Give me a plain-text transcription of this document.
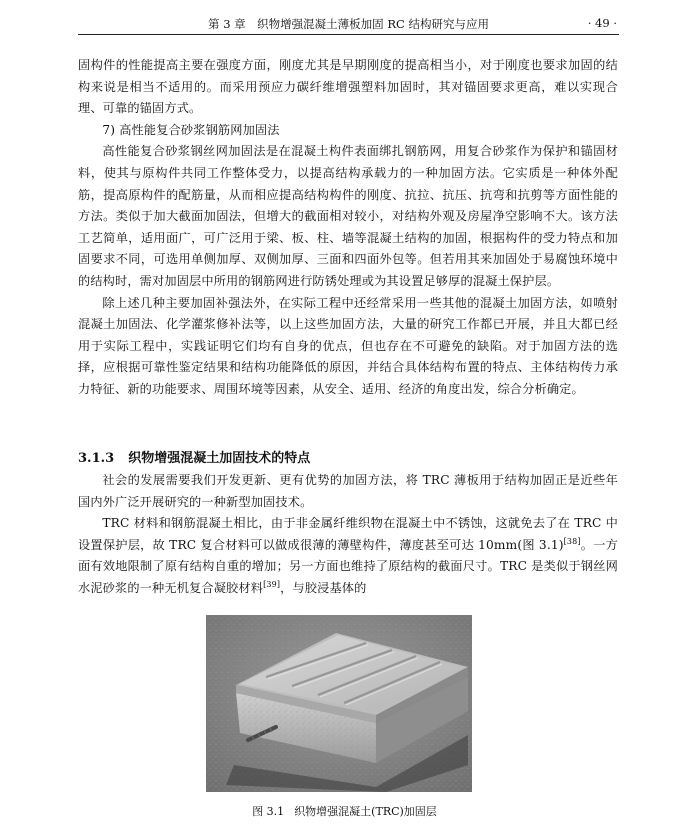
第 3 章　织物增强混凝土薄板加固 RC 结构研究与应用	· 49 ·

固构件的性能提高主要在强度方面，刚度尤其是早期刚度的提高相当小，对于刚度也要求加固的结构来说是相当不适用的。而采用预应力碳纤维增强塑料加固时，其对锚固要求更高，难以实现合理、可靠的锚固方式。

7) 高性能复合砂浆钢筋网加固法

高性能复合砂浆钢丝网加固法是在混凝土构件表面绑扎钢筋网，用复合砂浆作为保护和锚固材料，使其与原构件共同工作整体受力，以提高结构承载力的一种加固方法。它实质是一种体外配筋，提高原构件的配筋量，从而相应提高结构构件的刚度、抗拉、抗压、抗弯和抗剪等方面性能的方法。类似于加大截面加固法，但增大的截面相对较小，对结构外观及房屋净空影响不大。该方法工艺简单，适用面广，可广泛用于梁、板、柱、墙等混凝土结构的加固，根据构件的受力特点和加固要求不同，可选用单侧加厚、双侧加厚、三面和四面外包等。但若用其来加固处于易腐蚀环境中的结构时，需对加固层中所用的钢筋网进行防锈处理或为其设置足够厚的混凝土保护层。

除上述几种主要加固补强法外，在实际工程中还经常采用一些其他的混凝土加固方法，如喷射混凝土加固法、化学灌浆修补法等，以上这些加固方法，大量的研究工作都已开展，并且大都已经用于实际工程中，实践证明它们均有自身的优点，但也存在不可避免的缺陷。对于加固方法的选择，应根据可靠性鉴定结果和结构功能降低的原因，并结合具体结构布置的特点、主体结构传力承力特征、新的功能要求、周围环境等因素，从安全、适用、经济的角度出发，综合分析确定。

3.1.3 织物增强混凝土加固技术的特点

社会的发展需要我们开发更新、更有优势的加固方法，将 TRC 薄板用于结构加固正是近些年国内外广泛开展研究的一种新型加固技术。

TRC 材料和钢筋混凝土相比，由于非金属纤维织物在混凝土中不锈蚀，这就免去了在 TRC 中设置保护层，故 TRC 复合材料可以做成很薄的薄壁构件，薄度甚至可达 10mm(图 3.1)[38]。一方面有效地限制了原有结构自重的增加；另一方面也维持了原结构的截面尺寸。TRC 是类似于钢丝网水泥砂浆的一种无机复合凝胶材料[39]，与胶浸基体的

图 3.1 织物增强混凝土(TRC)加固层
